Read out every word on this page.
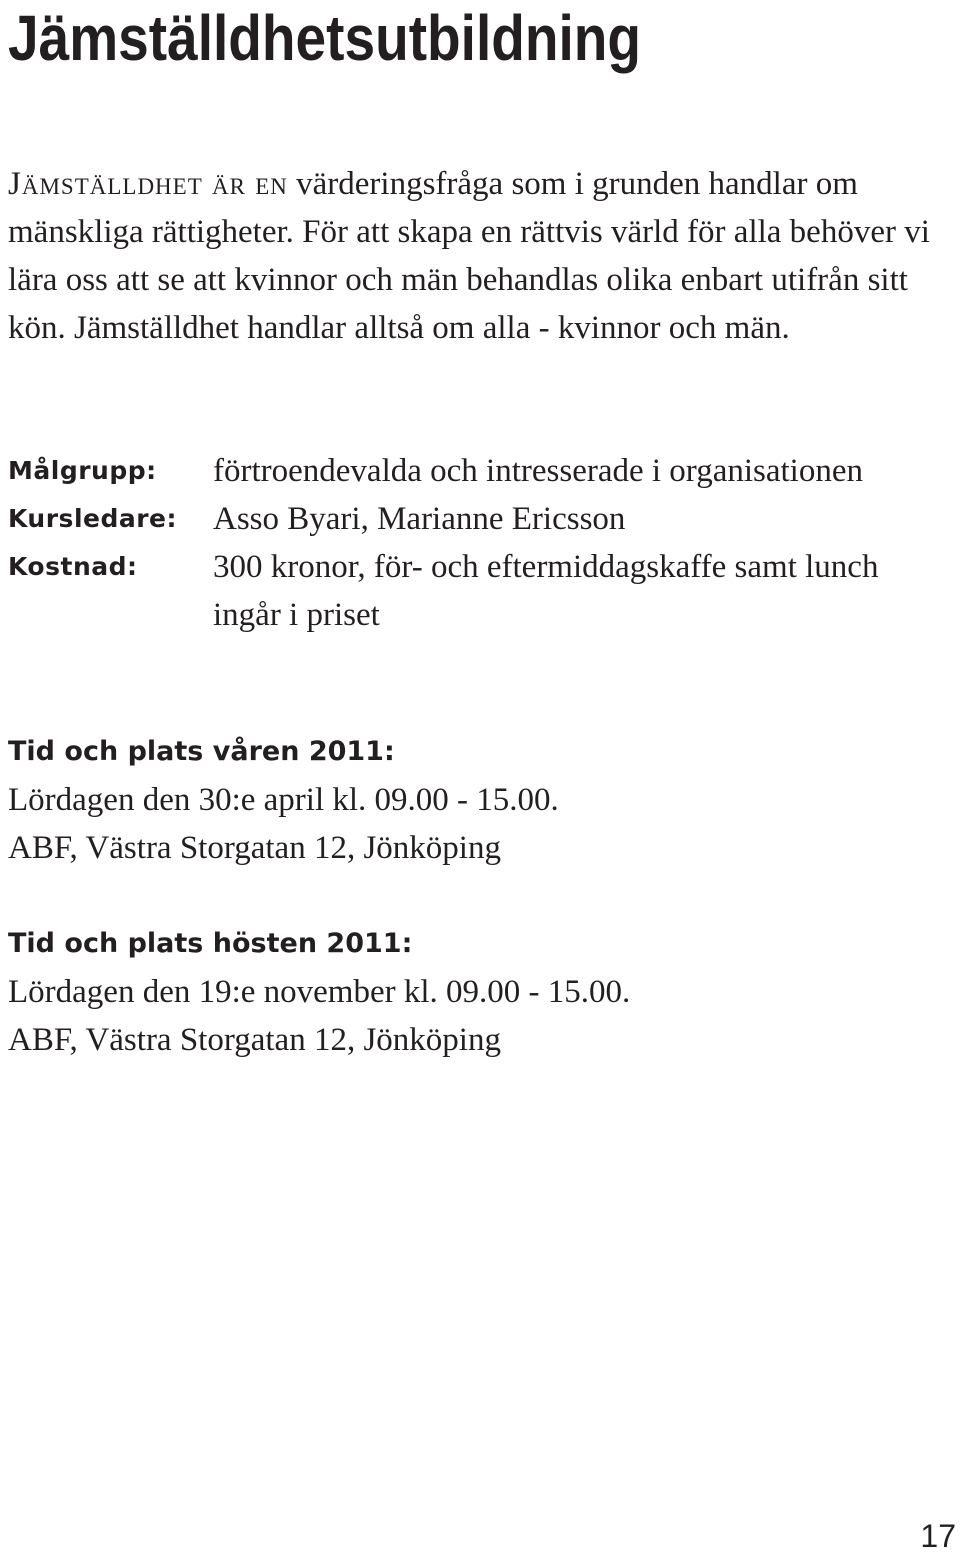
Jämställdhetsutbildning

Jämställdhet är en värderingsfråga som i grunden handlar om mänskliga rättigheter. För att skapa en rättvis värld för alla behöver vi lära oss att se att kvinnor och män behandlas olika enbart utifrån sitt kön. Jämställdhet handlar alltså om alla - kvinnor och män.

Målgrupp:	förtroendevalda och intresserade i organisationen
Kursledare:	Asso Byari, Marianne Ericsson
Kostnad:	300 kronor, för- och eftermiddagskaffe samt lunch ingår i priset
Tid och plats våren 2011:
Lördagen den 30:e april kl. 09.00 - 15.00.
ABF, Västra Storgatan 12, Jönköping
Tid och plats hösten 2011:
Lördagen den 19:e november kl. 09.00 - 15.00.
ABF, Västra Storgatan 12, Jönköping
17
